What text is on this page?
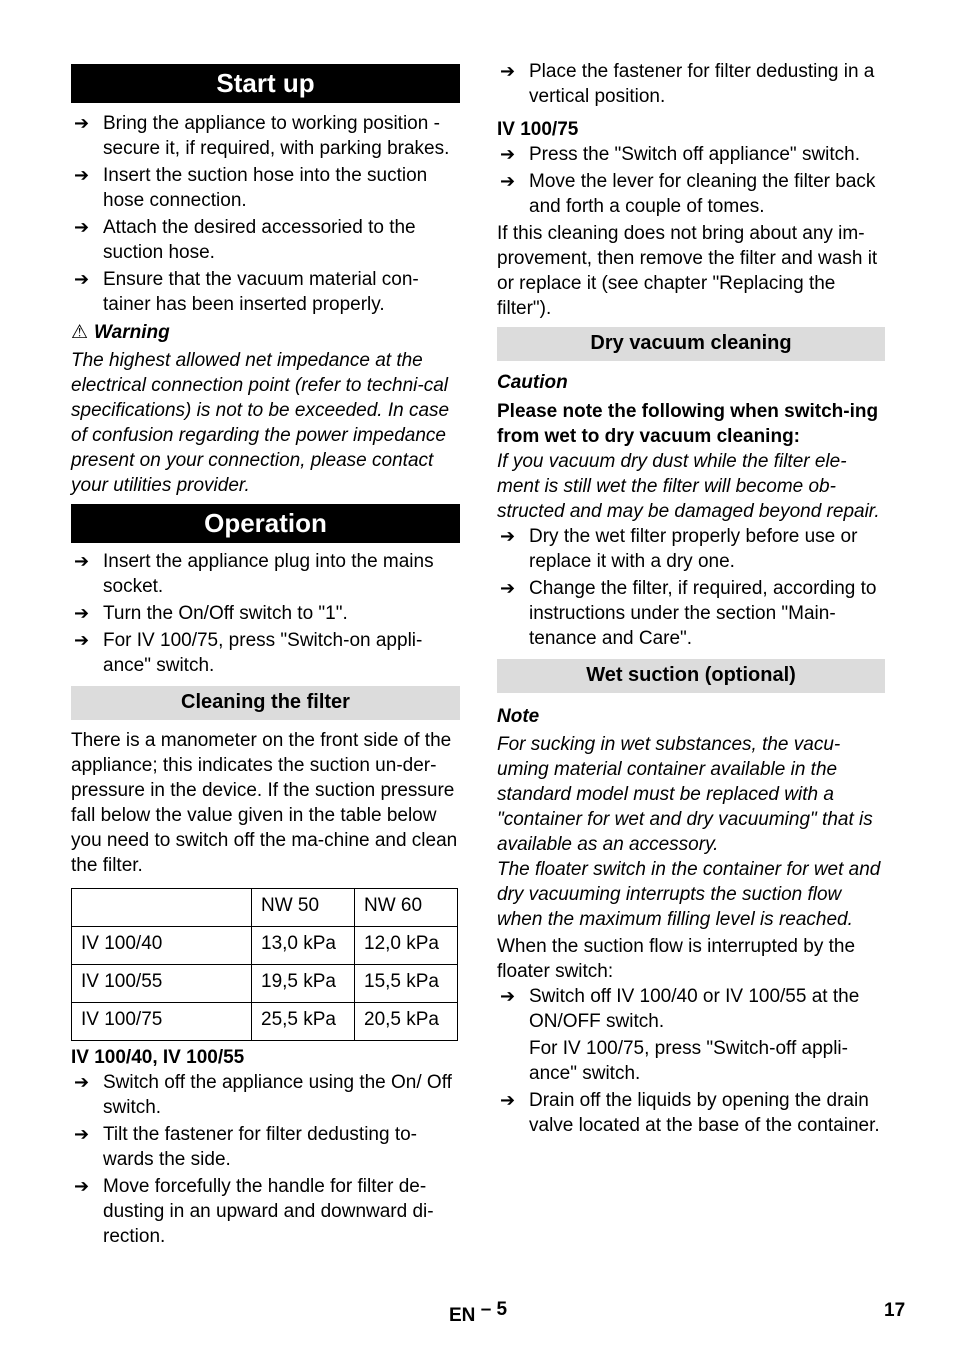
Start up
➔ Bring the appliance to working position - secure it, if required, with parking brakes.
➔ Insert the suction hose into the suction hose connection.
➔ Attach the desired accessoried to the suction hose.
➔ Ensure that the vacuum material con-tainer has been inserted properly.

⚠ Warning

The highest allowed net impedance at the electrical connection point (refer to techni-cal specifications) is not to be exceeded. In case of confusion regarding the power impedance present on your connection, please contact your utilities provider.

Operation
➔ Insert the appliance plug into the mains socket.
➔ Turn the On/Off switch to "1".
➔ For IV 100/75, press "Switch-on appli-ance" switch.
Cleaning the filter

There is a manometer on the front side of the appliance; this indicates the suction un-der-pressure in the device. If the suction pressure fall below the value given in the table below you need to switch off the ma-chine and clean the filter.

	NW 50	NW 60
IV 100/40	13,0 kPa	12,0 kPa
IV 100/55	19,5 kPa	15,5 kPa
IV 100/75	25,5 kPa	20,5 kPa

IV 100/40, IV 100/55

➔ Switch off the appliance using the On/ Off switch.
➔ Tilt the fastener for filter dedusting to-wards the side.
➔ Move forcefully the handle for filter de-dusting in an upward and downward di-rection.
➔ Place the fastener for filter dedusting in a vertical position.

IV 100/75

➔ Press the "Switch off appliance" switch.
➔ Move the lever for cleaning the filter back and forth a couple of tomes.

If this cleaning does not bring about any im-provement, then remove the filter and wash it or replace it (see chapter "Replacing the filter").

Dry vacuum cleaning

Caution

Please note the following when switch-ing from wet to dry vacuum cleaning:

If you vacuum dry dust while the filter ele-ment is still wet the filter will become ob-structed and may be damaged beyond repair.

➔ Dry the wet filter properly before use or replace it with a dry one.
➔ Change the filter, if required, according to instructions under the section "Main-tenance and Care".
Wet suction (optional)

Note

For sucking in wet substances, the vacu-uming material container available in the standard model must be replaced with a "container for wet and dry vacuuming" that is available as an accessory.

The floater switch in the container for wet and dry vacuuming interrupts the suction flow when the maximum filling level is reached.

When the suction flow is interrupted by the floater switch:

➔ Switch off IV 100/40 or IV 100/55 at the ON/OFF switch.

For IV 100/75, press "Switch-off appli-ance" switch.

➔ Drain off the liquids by opening the drain valve located at the base of the container.
EN – 5	17
